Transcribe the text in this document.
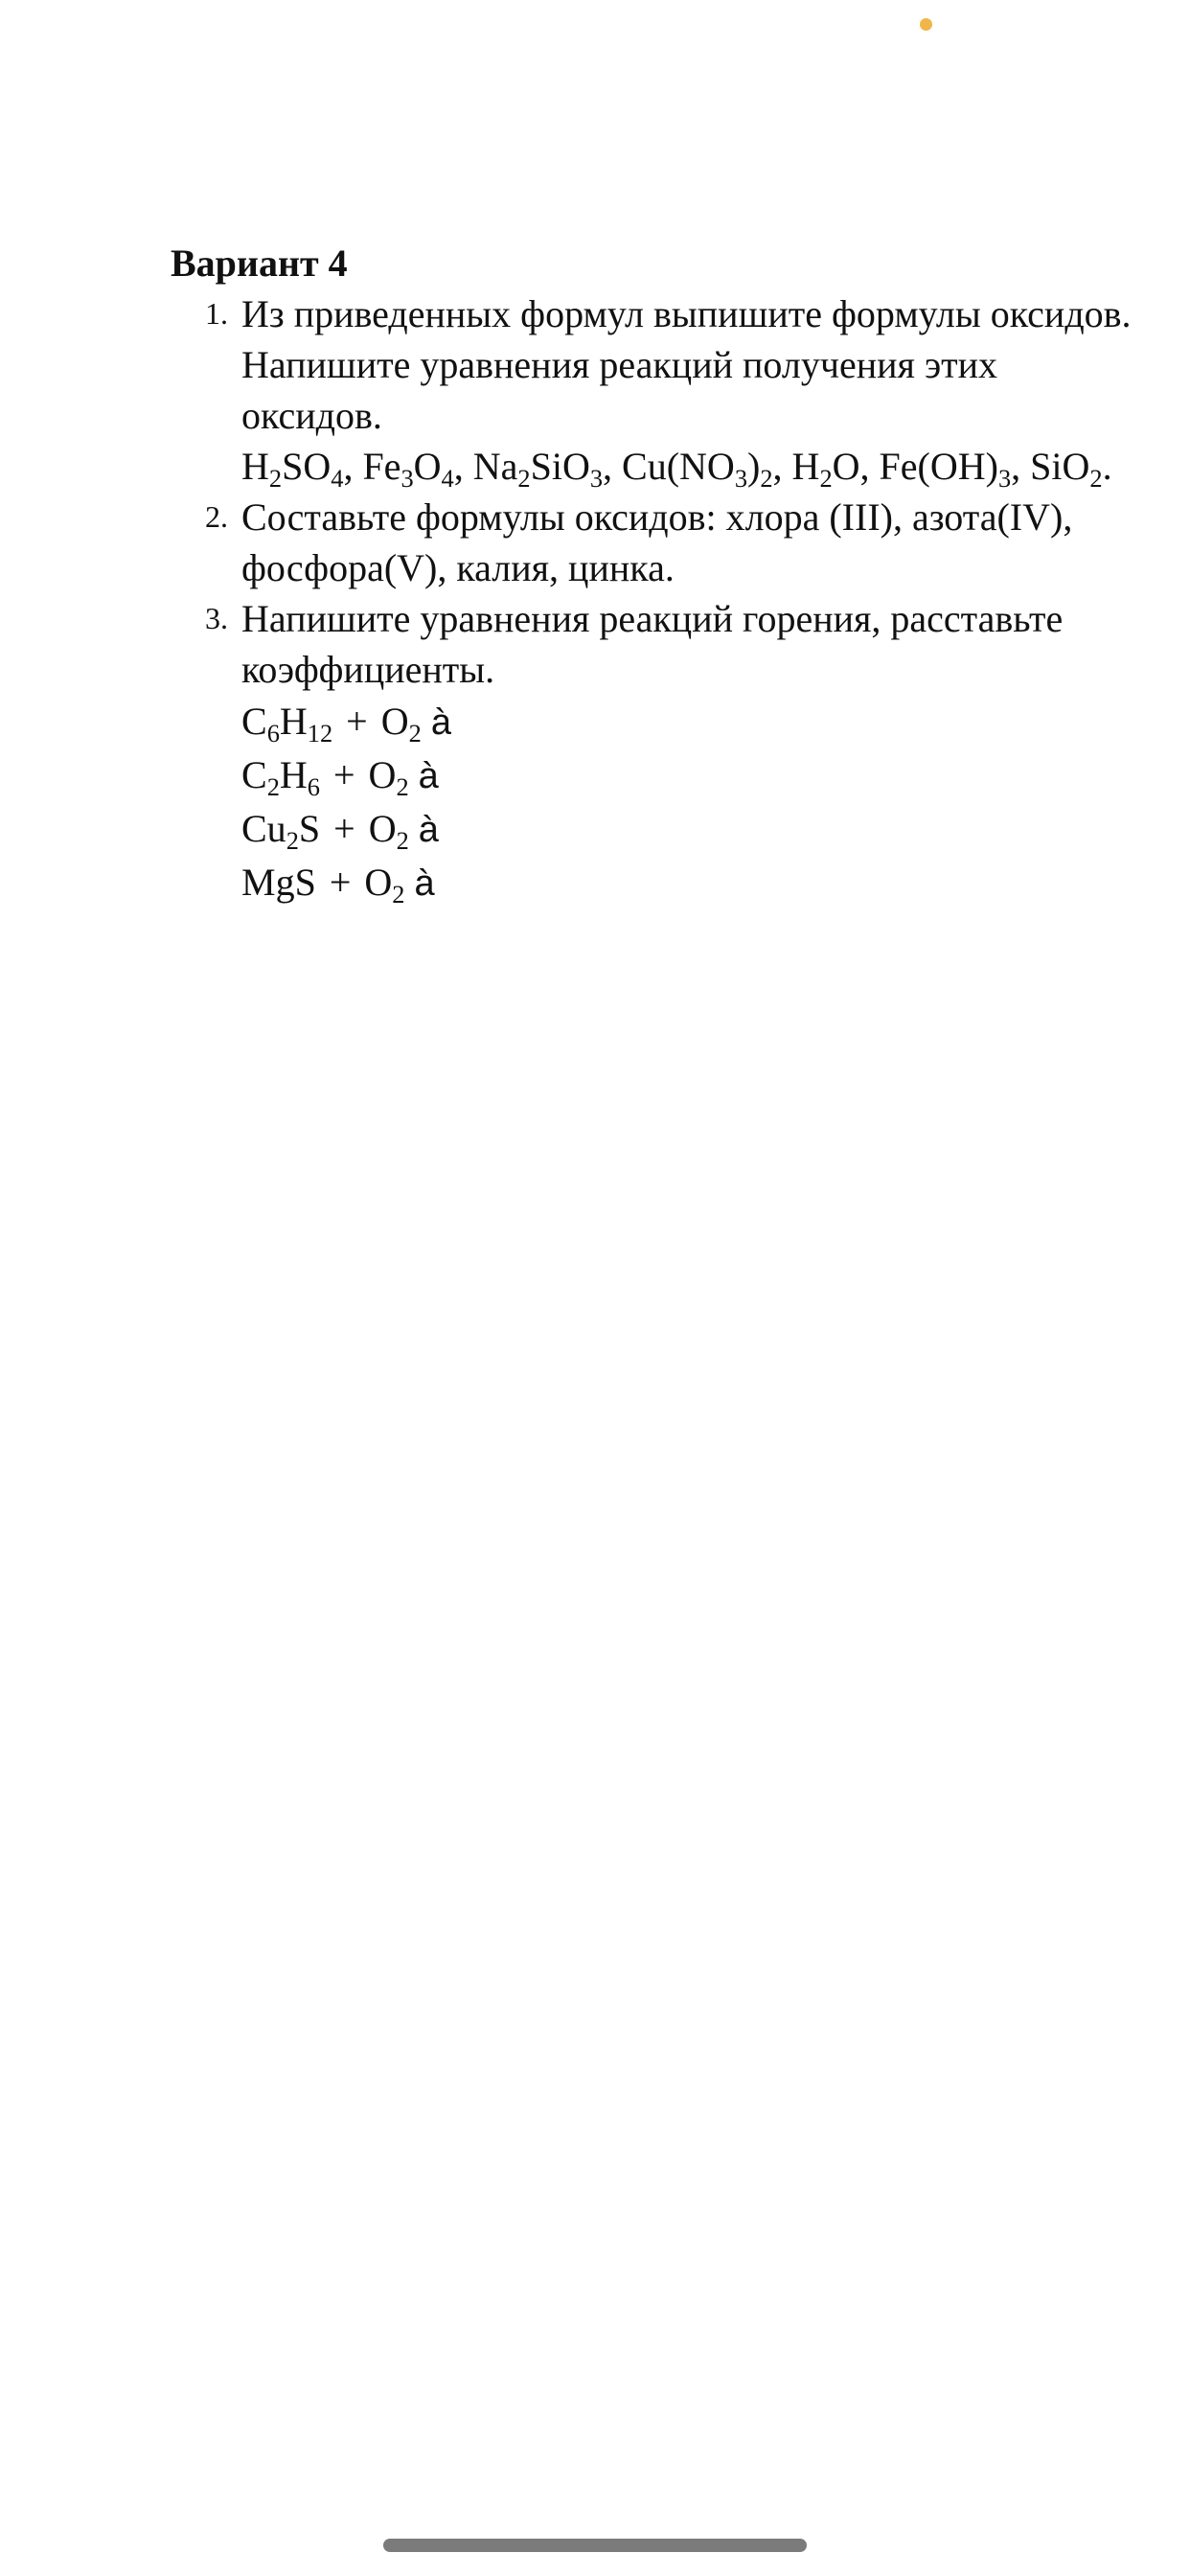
Вариант 4
1. Из приведенных формул выпишите формулы оксидов. Напишите уравнения реакций получения этих оксидов.
$H_2SO_4$, $Fe_3O_4$, $Na_2SiO_3$, $Cu(NO_3)_2$, $H_2O$, $Fe(OH)_3$, SiO$_2$.
2. Составьте формулы оксидов: хлора (III), азота(IV), фосфора(V), калия, цинка.
3. Напишите уравнения реакций горения, расставьте коэффициенты.
$C_6H_{12} + O_2$ à
$C_2H_6 + O_2$ à
$Cu_2S + O_2$ à
MgS + $O_2$ à
